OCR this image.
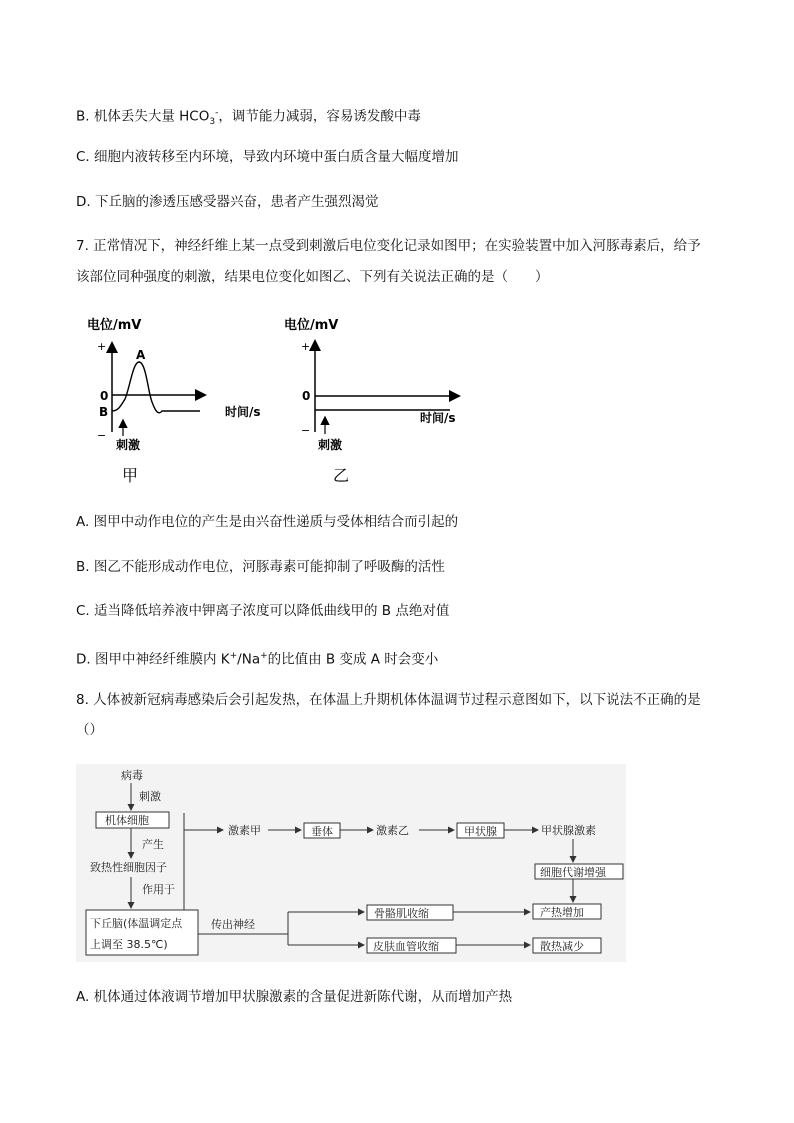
B. 机体丢失大量 $HCO_3^-$，调节能力减弱，容易诱发酸中毒
C. 细胞内液转移至内环境，导致内环境中蛋白质含量大幅度增加
D. 下丘脑的渗透压感受器兴奋，患者产生强烈渴觉
7. 正常情况下，神经纤维上某一点受到刺激后电位变化记录如图甲；在实验装置中加入河豚毒素后，给予
该部位同种强度的刺激，结果电位变化如图乙、下列有关说法正确的是（　　）
电位/mV
+
−
0
B
A
时间/s
刺激
甲
电位/mV
+
−
0
时间/s
刺激
乙
A. 图甲中动作电位的产生是由兴奋性递质与受体相结合而引起的
B. 图乙不能形成动作电位，河豚毒素可能抑制了呼吸酶的活性
C. 适当降低培养液中钾离子浓度可以降低曲线甲的 B 点绝对值
D. 图甲中神经纤维膜内 K+/Na+的比值由 B 变成 A 时会变小
8. 人体被新冠病毒感染后会引起发热，在体温上升期机体体温调节过程示意图如下，以下说法不正确的是
（）
病毒
刺激
机体细胞
产生
致热性细胞因子
作用于
下丘脑(体温调定点
上调至 38.5℃)
激素甲	垂体	激素乙	甲状腺	甲状腺激素
细胞代谢增强
传出神经
骨骼肌收缩	产热增加
皮肤血管收缩	散热减少
A. 机体通过体液调节增加甲状腺激素的含量促进新陈代谢，从而增加产热
